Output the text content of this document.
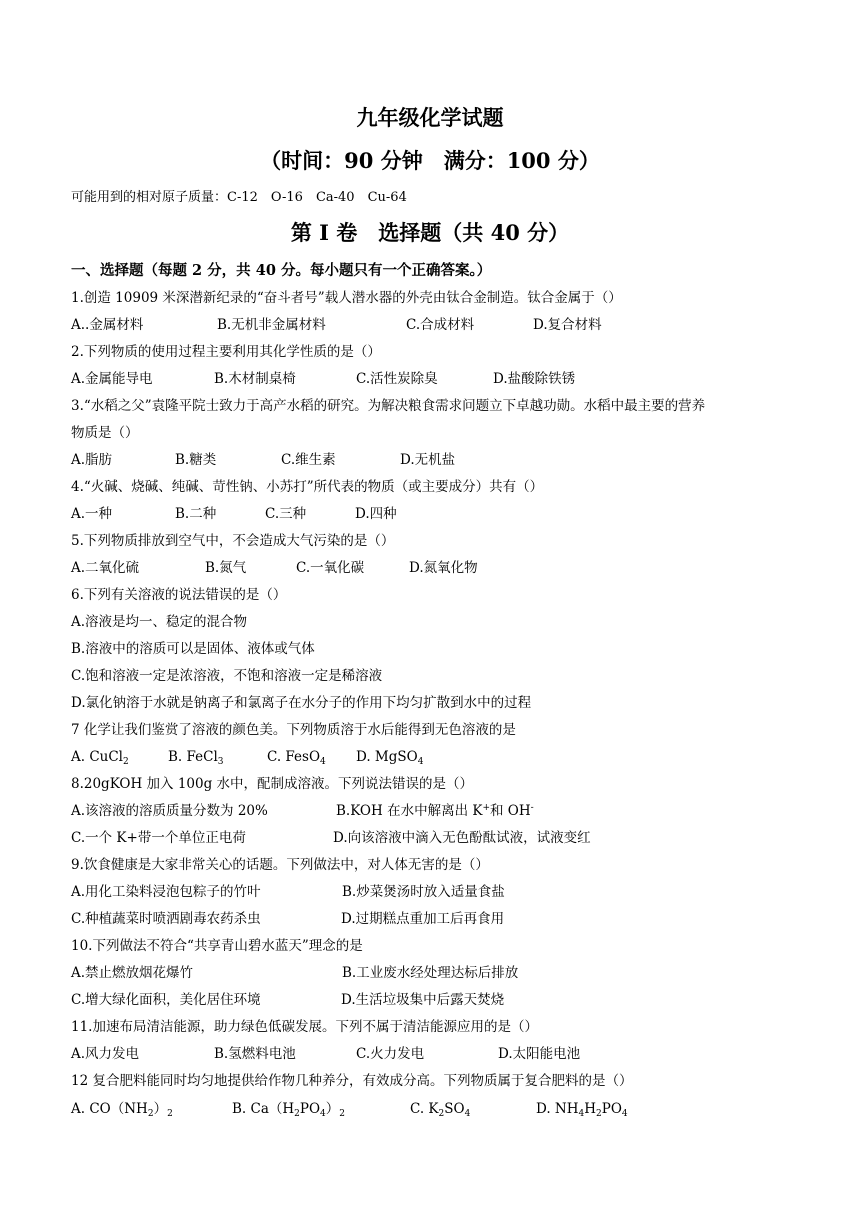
九年级化学试题
（时间：90 分钟　满分：100 分）
可能用到的相对原子质量：C-12　O-16　Ca-40　Cu-64
第 I 卷　选择题（共 40 分）
一、选择题（每题 2 分，共 40 分。每小题只有一个正确答案。）
1.创造 10909 米深潜新纪录的“奋斗者号”载人潜水器的外壳由钛合金制造。钛合金属于（）
A..金属材料	B.无机非金属材料	C.合成材料	D.复合材料
2.下列物质的使用过程主要利用其化学性质的是（）
A.金属能导电	B.木材制桌椅	C.活性炭除臭	D.盐酸除铁锈
3.“水稻之父”袁隆平院士致力于高产水稻的研究。为解决粮食需求问题立下卓越功勋。水稻中最主要的营养
物质是（）
A.脂肪	B.糖类	C.维生素	D.无机盐
4.“火碱、烧碱、纯碱、苛性钠、小苏打”所代表的物质（或主要成分）共有（）
A.一种	B.二种	C.三种	D.四种
5.下列物质排放到空气中，不会造成大气污染的是（）
A.二氧化硫	B.氮气	C.一氧化碳	D.氮氧化物
6.下列有关溶液的说法错误的是（）
A.溶液是均一、稳定的混合物
B.溶液中的溶质可以是固体、液体或气体
C.饱和溶液一定是浓溶液，不饱和溶液一定是稀溶液
D.氯化钠溶于水就是钠离子和氯离子在水分子的作用下均匀扩散到水中的过程
7 化学让我们鉴赏了溶液的颜色美。下列物质溶于水后能得到无色溶液的是
A. CuCl$_2$	B. FeCl$_3$	C. FesO$_4$ D. MgSO$_4$
8.20gKOH 加入 100g 水中，配制成溶液。下列说法错误的是（）
A.该溶液的溶质质量分数为 20%	B.KOH 在水中解离出 K+和 OH-
C.一个 K+带一个单位正电荷	D.向该溶液中滴入无色酚酞试液，试液变红
9.饮食健康是大家非常关心的话题。下列做法中，对人体无害的是（）
A.用化工染料浸泡包粽子的竹叶	B.炒菜煲汤时放入适量食盐
C.种植蔬菜时喷洒剧毒农药杀虫	D.过期糕点重加工后再食用
10.下列做法不符合“共享青山碧水蓝天”理念的是
A.禁止燃放烟花爆竹	B.工业废水经处理达标后排放
C.增大绿化面积，美化居住环境	D.生活垃圾集中后露天焚烧
11.加速布局清洁能源，助力绿色低碳发展。下列不属于清洁能源应用的是（）
A.风力发电	B.氢燃料电池	C.火力发电	D.太阳能电池
12 复合肥料能同时均匀地提供给作物几种养分，有效成分高。下列物质属于复合肥料的是（）
A. $CO(NH_2)_2$	B. $Ca(H_2PO_4)_2$	C. $K_2SO_4$	D. $NH_4H_2PO_4$
